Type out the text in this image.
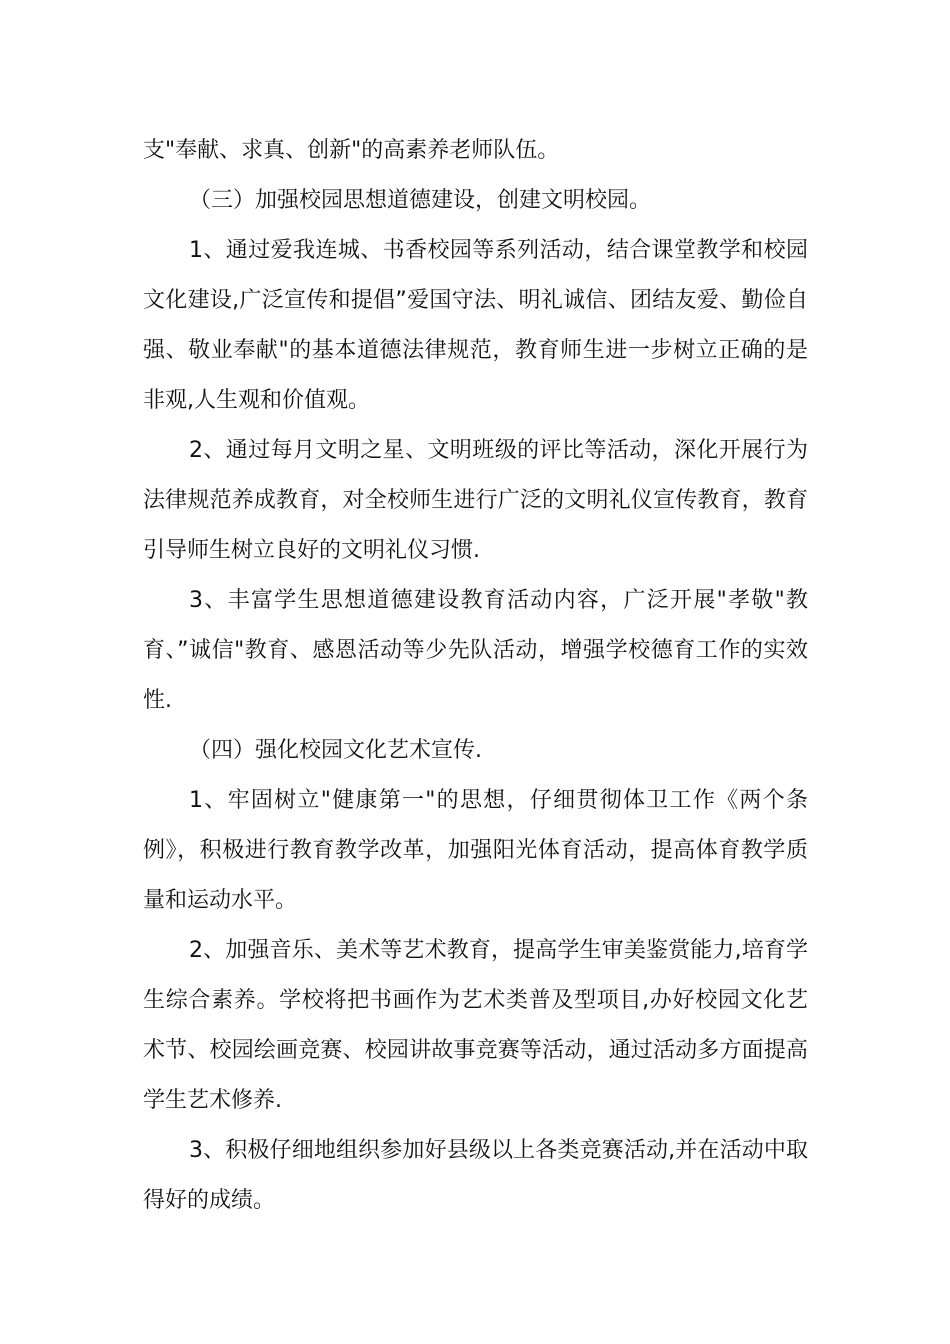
支"奉献、求真、创新"的高素养老师队伍。

（三）加强校园思想道德建设，创建文明校园。

1、通过爱我连城、书香校园等系列活动，结合课堂教学和校园文化建设,广泛宣传和提倡”爱国守法、明礼诚信、团结友爱、勤俭自强、敬业奉献"的基本道德法律规范，教育师生进一步树立正确的是非观,人生观和价值观。

2、通过每月文明之星、文明班级的评比等活动，深化开展行为法律规范养成教育，对全校师生进行广泛的文明礼仪宣传教育，教育引导师生树立良好的文明礼仪习惯.

3、丰富学生思想道德建设教育活动内容，广泛开展"孝敬"教育、”诚信"教育、感恩活动等少先队活动，增强学校德育工作的实效性.

（四）强化校园文化艺术宣传.

1、牢固树立"健康第一"的思想，仔细贯彻体卫工作《两个条例》，积极进行教育教学改革，加强阳光体育活动，提高体育教学质量和运动水平。

2、加强音乐、美术等艺术教育，提高学生审美鉴赏能力,培育学生综合素养。学校将把书画作为艺术类普及型项目,办好校园文化艺术节、校园绘画竞赛、校园讲故事竞赛等活动，通过活动多方面提高学生艺术修养.

3、积极仔细地组织参加好县级以上各类竞赛活动,并在活动中取得好的成绩。
